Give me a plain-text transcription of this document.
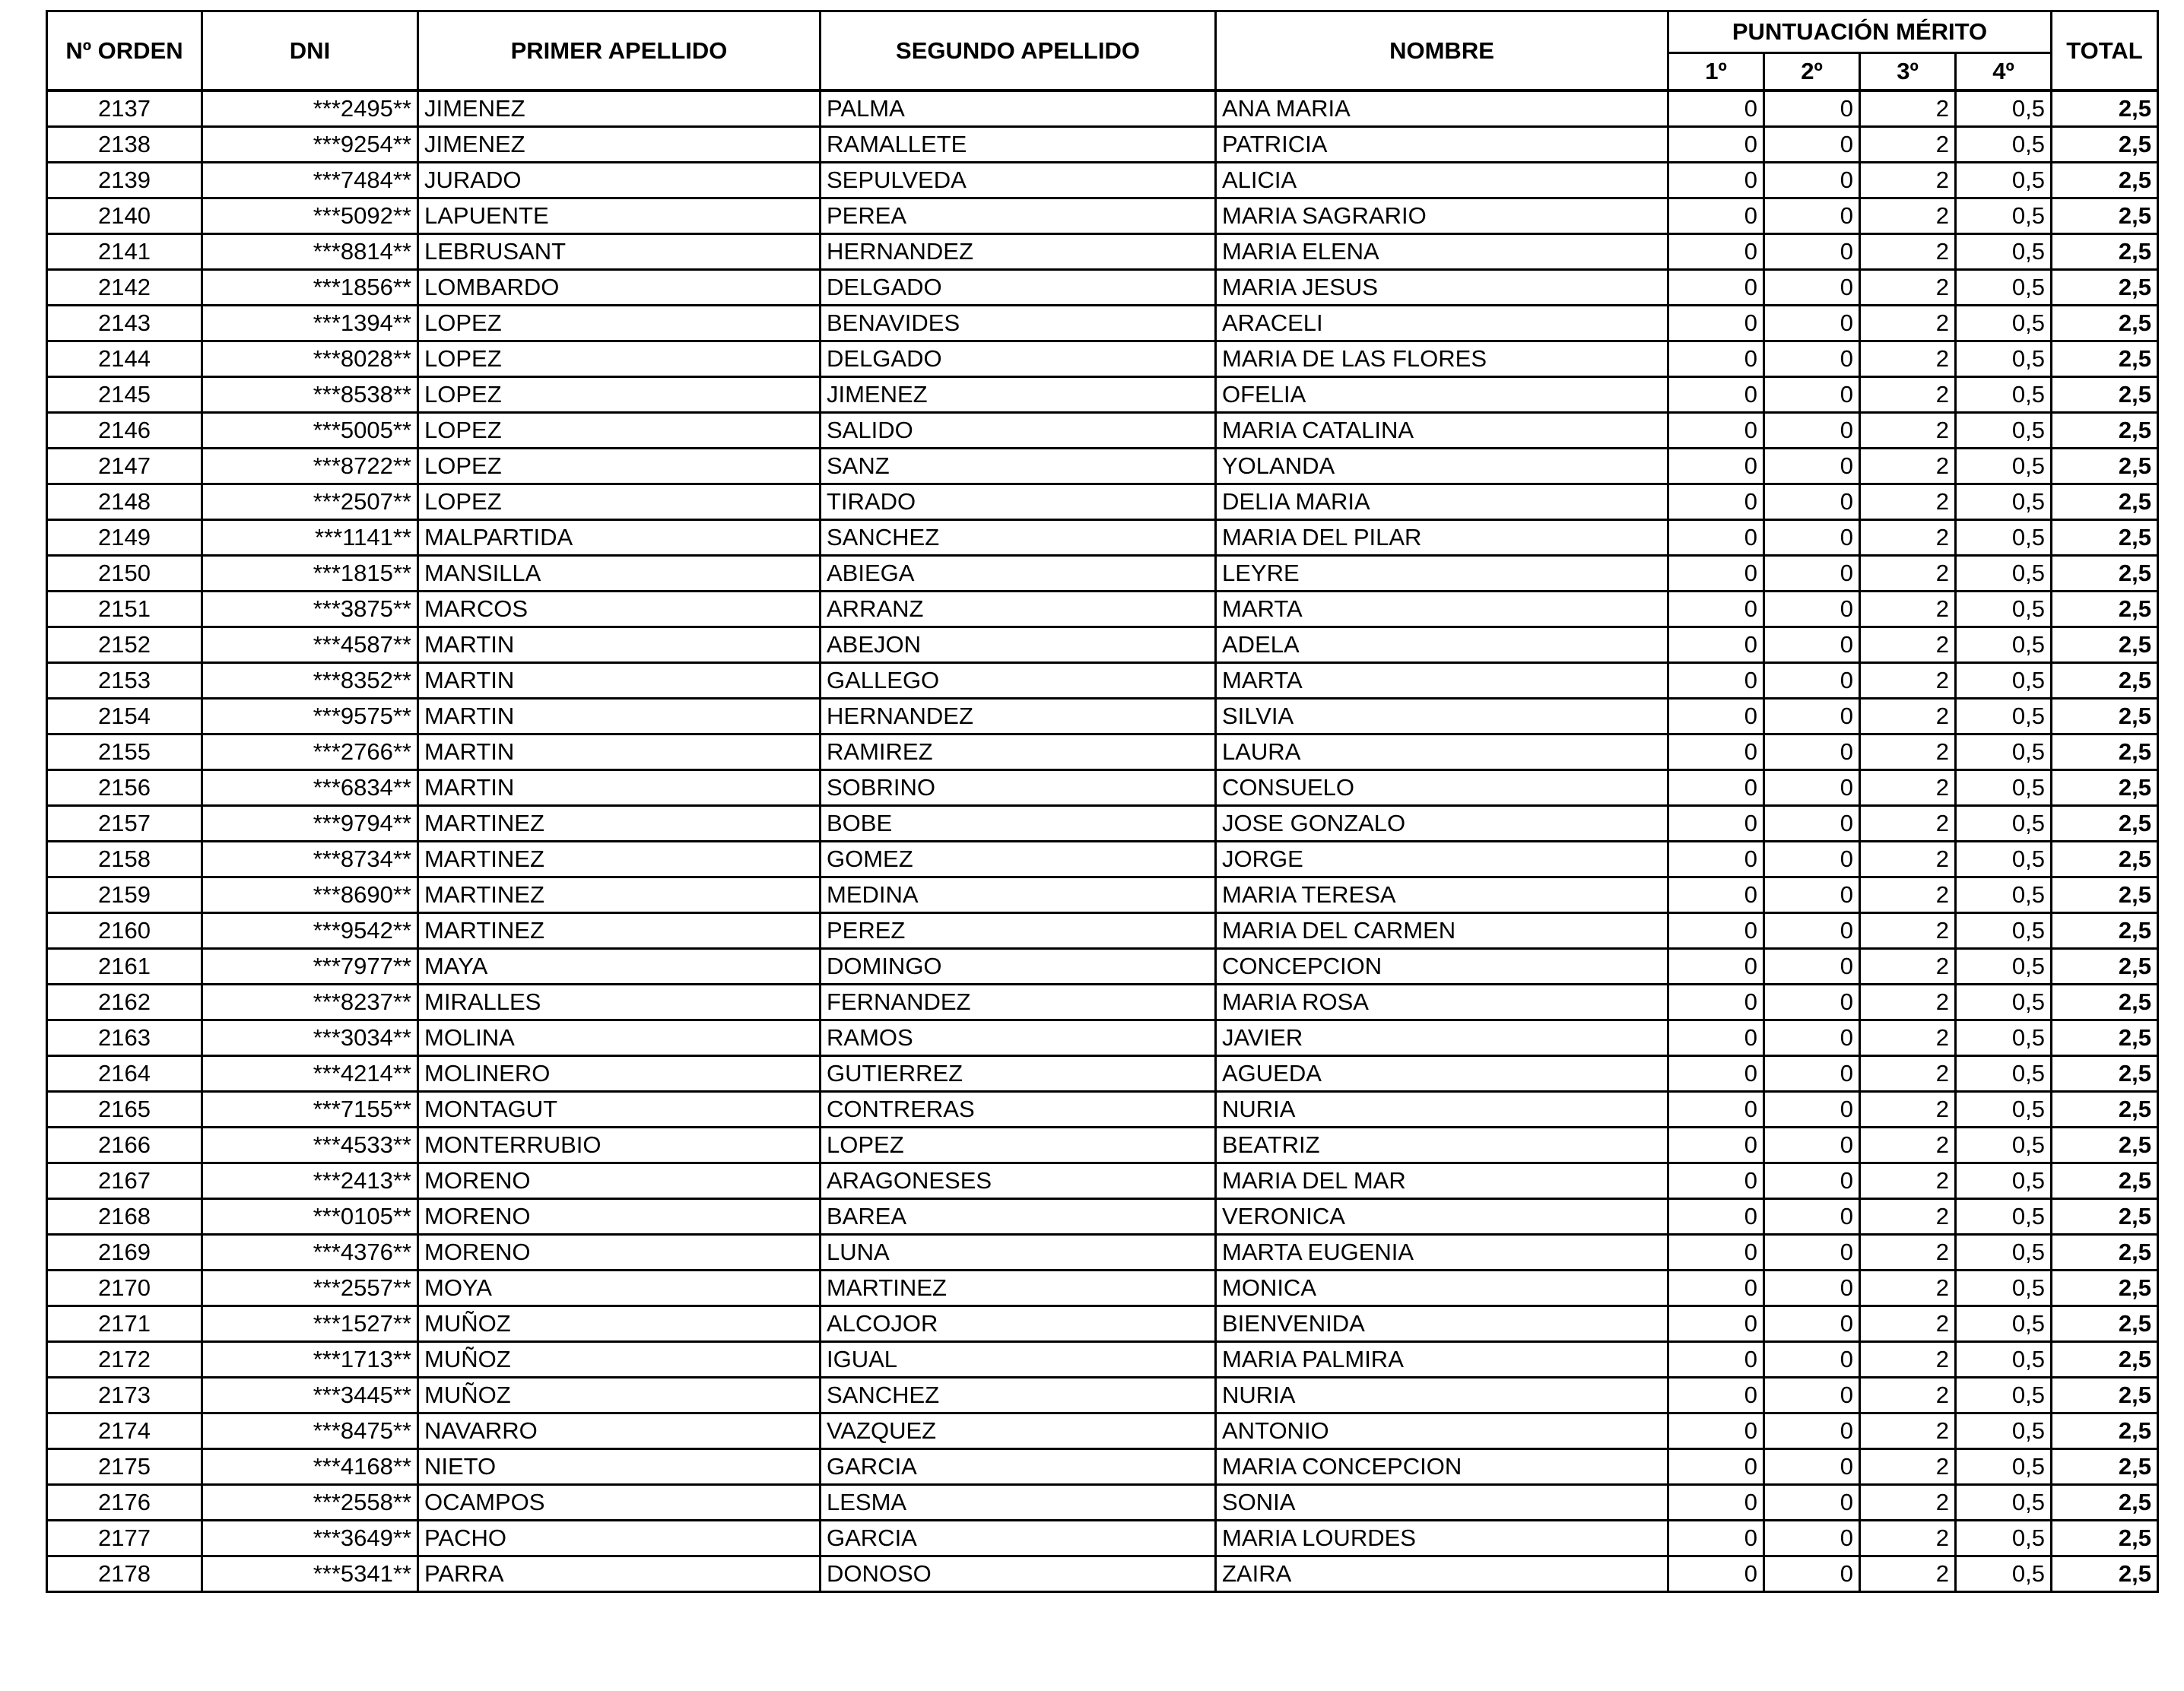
Nº ORDEN	DNI	PRIMER APELLIDO	SEGUNDO APELLIDO	NOMBRE	PUNTUACIÓN MÉRITO				TOTAL
					1º	2º	3º	4º	
2137	***2495**	JIMENEZ	PALMA	ANA MARIA	0	0	2	0,5	2,5
2138	***9254**	JIMENEZ	RAMALLETE	PATRICIA	0	0	2	0,5	2,5
2139	***7484**	JURADO	SEPULVEDA	ALICIA	0	0	2	0,5	2,5
2140	***5092**	LAPUENTE	PEREA	MARIA SAGRARIO	0	0	2	0,5	2,5
2141	***8814**	LEBRUSANT	HERNANDEZ	MARIA ELENA	0	0	2	0,5	2,5
2142	***1856**	LOMBARDO	DELGADO	MARIA JESUS	0	0	2	0,5	2,5
2143	***1394**	LOPEZ	BENAVIDES	ARACELI	0	0	2	0,5	2,5
2144	***8028**	LOPEZ	DELGADO	MARIA DE LAS FLORES	0	0	2	0,5	2,5
2145	***8538**	LOPEZ	JIMENEZ	OFELIA	0	0	2	0,5	2,5
2146	***5005**	LOPEZ	SALIDO	MARIA CATALINA	0	0	2	0,5	2,5
2147	***8722**	LOPEZ	SANZ	YOLANDA	0	0	2	0,5	2,5
2148	***2507**	LOPEZ	TIRADO	DELIA MARIA	0	0	2	0,5	2,5
2149	***1141**	MALPARTIDA	SANCHEZ	MARIA DEL PILAR	0	0	2	0,5	2,5
2150	***1815**	MANSILLA	ABIEGA	LEYRE	0	0	2	0,5	2,5
2151	***3875**	MARCOS	ARRANZ	MARTA	0	0	2	0,5	2,5
2152	***4587**	MARTIN	ABEJON	ADELA	0	0	2	0,5	2,5
2153	***8352**	MARTIN	GALLEGO	MARTA	0	0	2	0,5	2,5
2154	***9575**	MARTIN	HERNANDEZ	SILVIA	0	0	2	0,5	2,5
2155	***2766**	MARTIN	RAMIREZ	LAURA	0	0	2	0,5	2,5
2156	***6834**	MARTIN	SOBRINO	CONSUELO	0	0	2	0,5	2,5
2157	***9794**	MARTINEZ	BOBE	JOSE GONZALO	0	0	2	0,5	2,5
2158	***8734**	MARTINEZ	GOMEZ	JORGE	0	0	2	0,5	2,5
2159	***8690**	MARTINEZ	MEDINA	MARIA TERESA	0	0	2	0,5	2,5
2160	***9542**	MARTINEZ	PEREZ	MARIA DEL CARMEN	0	0	2	0,5	2,5
2161	***7977**	MAYA	DOMINGO	CONCEPCION	0	0	2	0,5	2,5
2162	***8237**	MIRALLES	FERNANDEZ	MARIA ROSA	0	0	2	0,5	2,5
2163	***3034**	MOLINA	RAMOS	JAVIER	0	0	2	0,5	2,5
2164	***4214**	MOLINERO	GUTIERREZ	AGUEDA	0	0	2	0,5	2,5
2165	***7155**	MONTAGUT	CONTRERAS	NURIA	0	0	2	0,5	2,5
2166	***4533**	MONTERRUBIO	LOPEZ	BEATRIZ	0	0	2	0,5	2,5
2167	***2413**	MORENO	ARAGONESES	MARIA DEL MAR	0	0	2	0,5	2,5
2168	***0105**	MORENO	BAREA	VERONICA	0	0	2	0,5	2,5
2169	***4376**	MORENO	LUNA	MARTA EUGENIA	0	0	2	0,5	2,5
2170	***2557**	MOYA	MARTINEZ	MONICA	0	0	2	0,5	2,5
2171	***1527**	MUÑOZ	ALCOJOR	BIENVENIDA	0	0	2	0,5	2,5
2172	***1713**	MUÑOZ	IGUAL	MARIA PALMIRA	0	0	2	0,5	2,5
2173	***3445**	MUÑOZ	SANCHEZ	NURIA	0	0	2	0,5	2,5
2174	***8475**	NAVARRO	VAZQUEZ	ANTONIO	0	0	2	0,5	2,5
2175	***4168**	NIETO	GARCIA	MARIA CONCEPCION	0	0	2	0,5	2,5
2176	***2558**	OCAMPOS	LESMA	SONIA	0	0	2	0,5	2,5
2177	***3649**	PACHO	GARCIA	MARIA LOURDES	0	0	2	0,5	2,5
2178	***5341**	PARRA	DONOSO	ZAIRA	0	0	2	0,5	2,5
